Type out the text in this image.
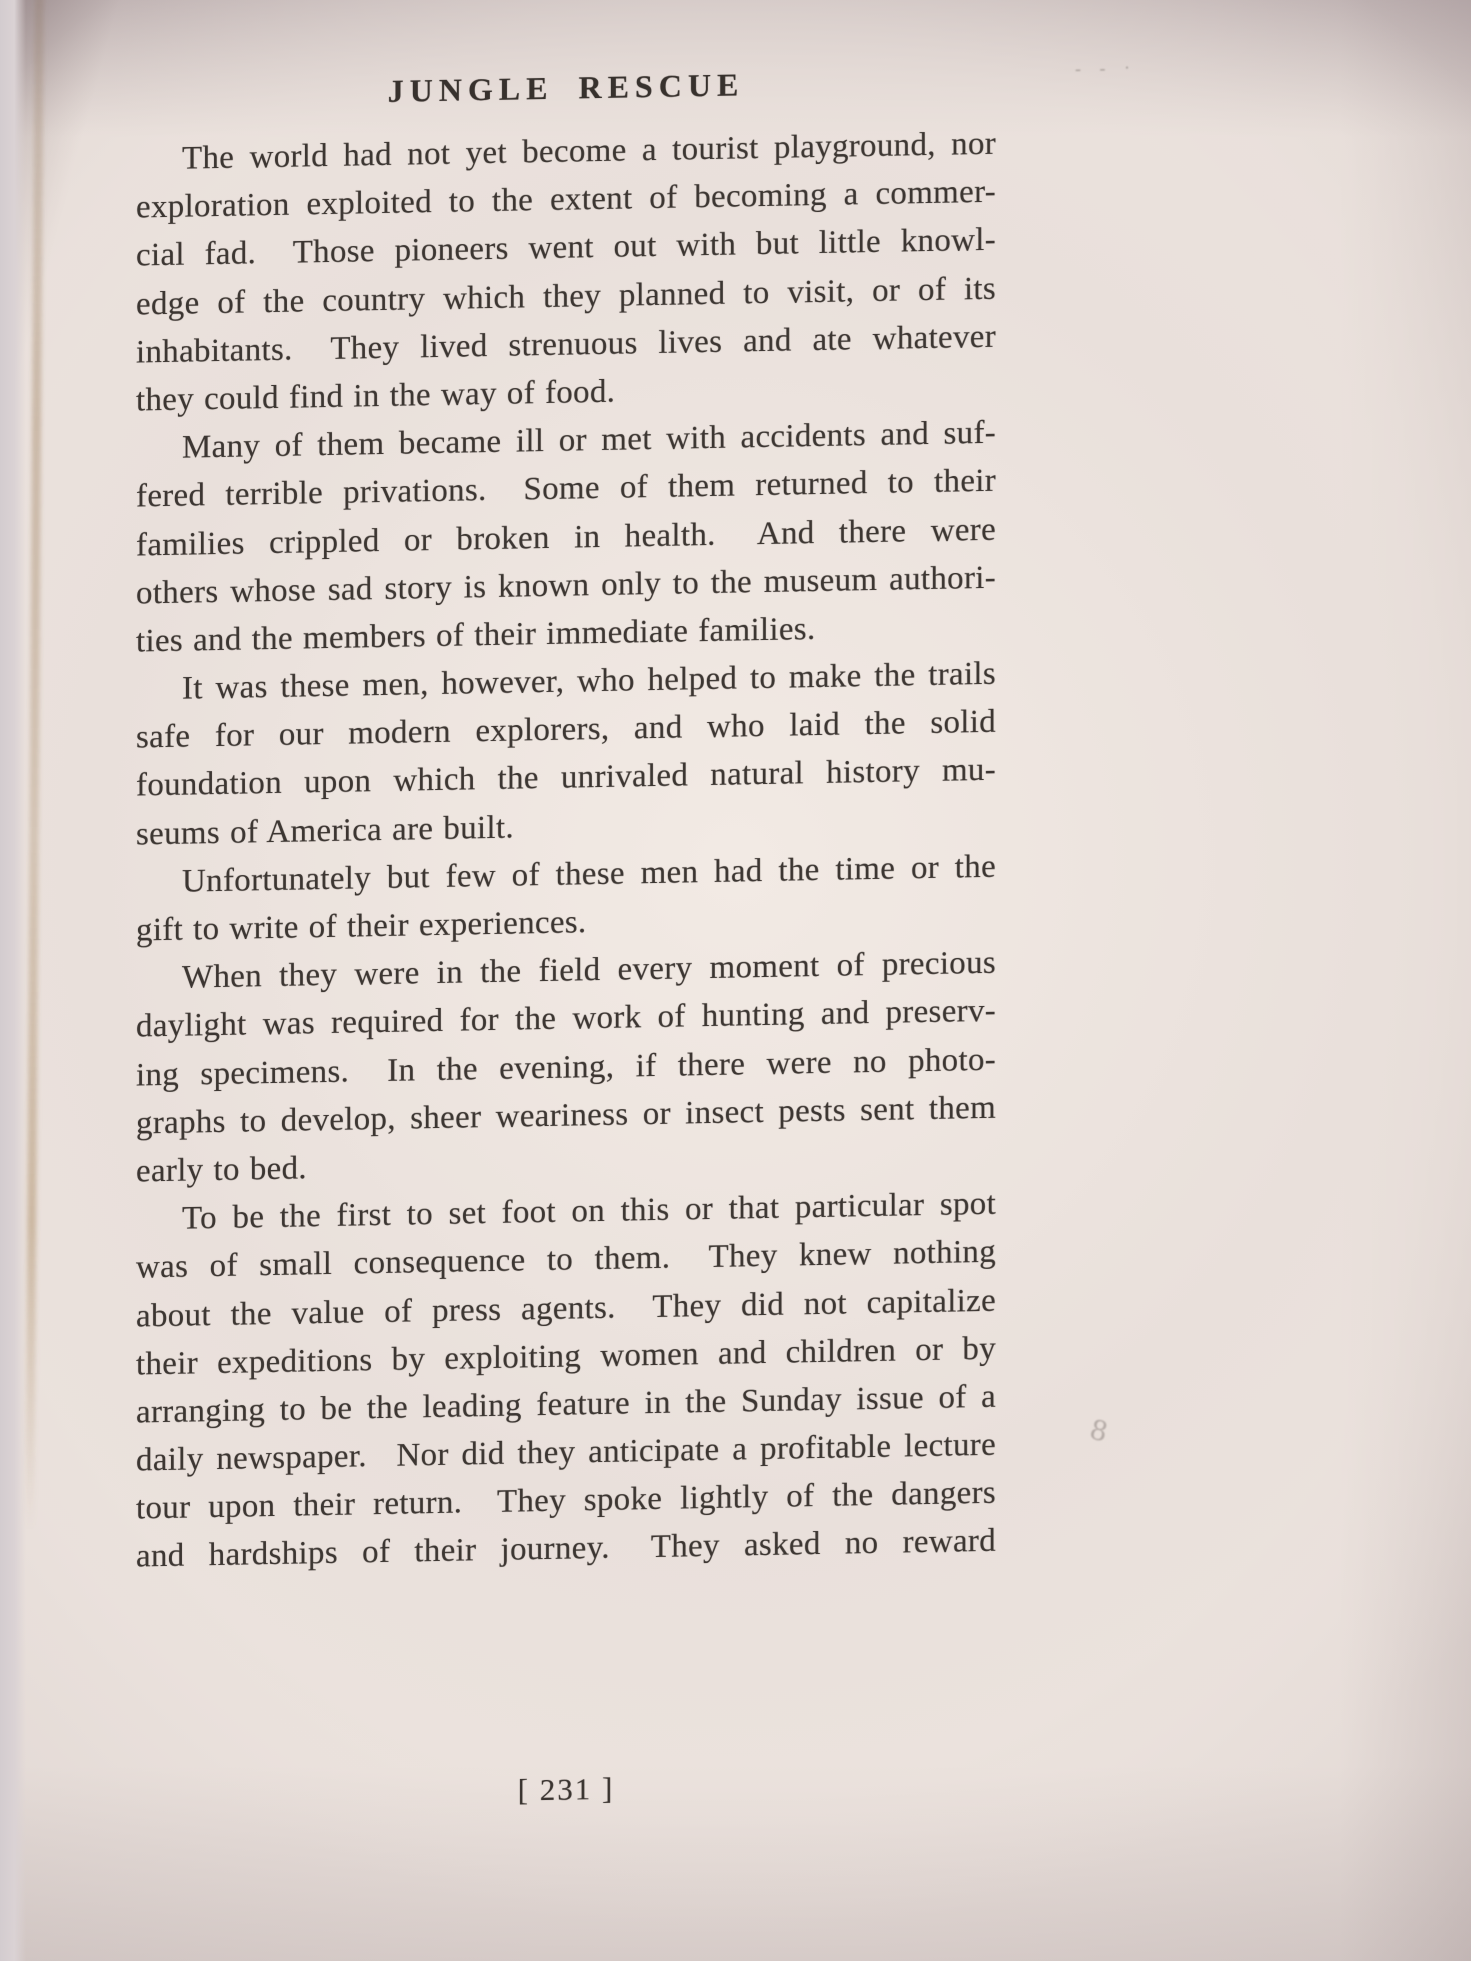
- - ·
JUNGLE RESCUE
The world had not yet become a tourist playground, nor
exploration exploited to the extent of becoming a commer-
cial fad.  Those pioneers went out with but little knowl-
edge of the country which they planned to visit, or of its
inhabitants.  They lived strenuous lives and ate whatever
they could find in the way of food.
Many of them became ill or met with accidents and suf-
fered terrible privations.  Some of them returned to their
families crippled or broken in health.  And there were
others whose sad story is known only to the museum authori-
ties and the members of their immediate families.
It was these men, however, who helped to make the trails
safe for our modern explorers, and who laid the solid
foundation upon which the unrivaled natural history mu-
seums of America are built.
Unfortunately but few of these men had the time or the
gift to write of their experiences.
When they were in the field every moment of precious
daylight was required for the work of hunting and preserv-
ing specimens.  In the evening, if there were no photo-
graphs to develop, sheer weariness or insect pests sent them
early to bed.
To be the first to set foot on this or that particular spot
was of small consequence to them.  They knew nothing
about the value of press agents.  They did not capitalize
their expeditions by exploiting women and children or by
arranging to be the leading feature in the Sunday issue of a
daily newspaper.  Nor did they anticipate a profitable lecture
tour upon their return.  They spoke lightly of the dangers
and hardships of their journey.  They asked no reward
[ 231 ]
8
